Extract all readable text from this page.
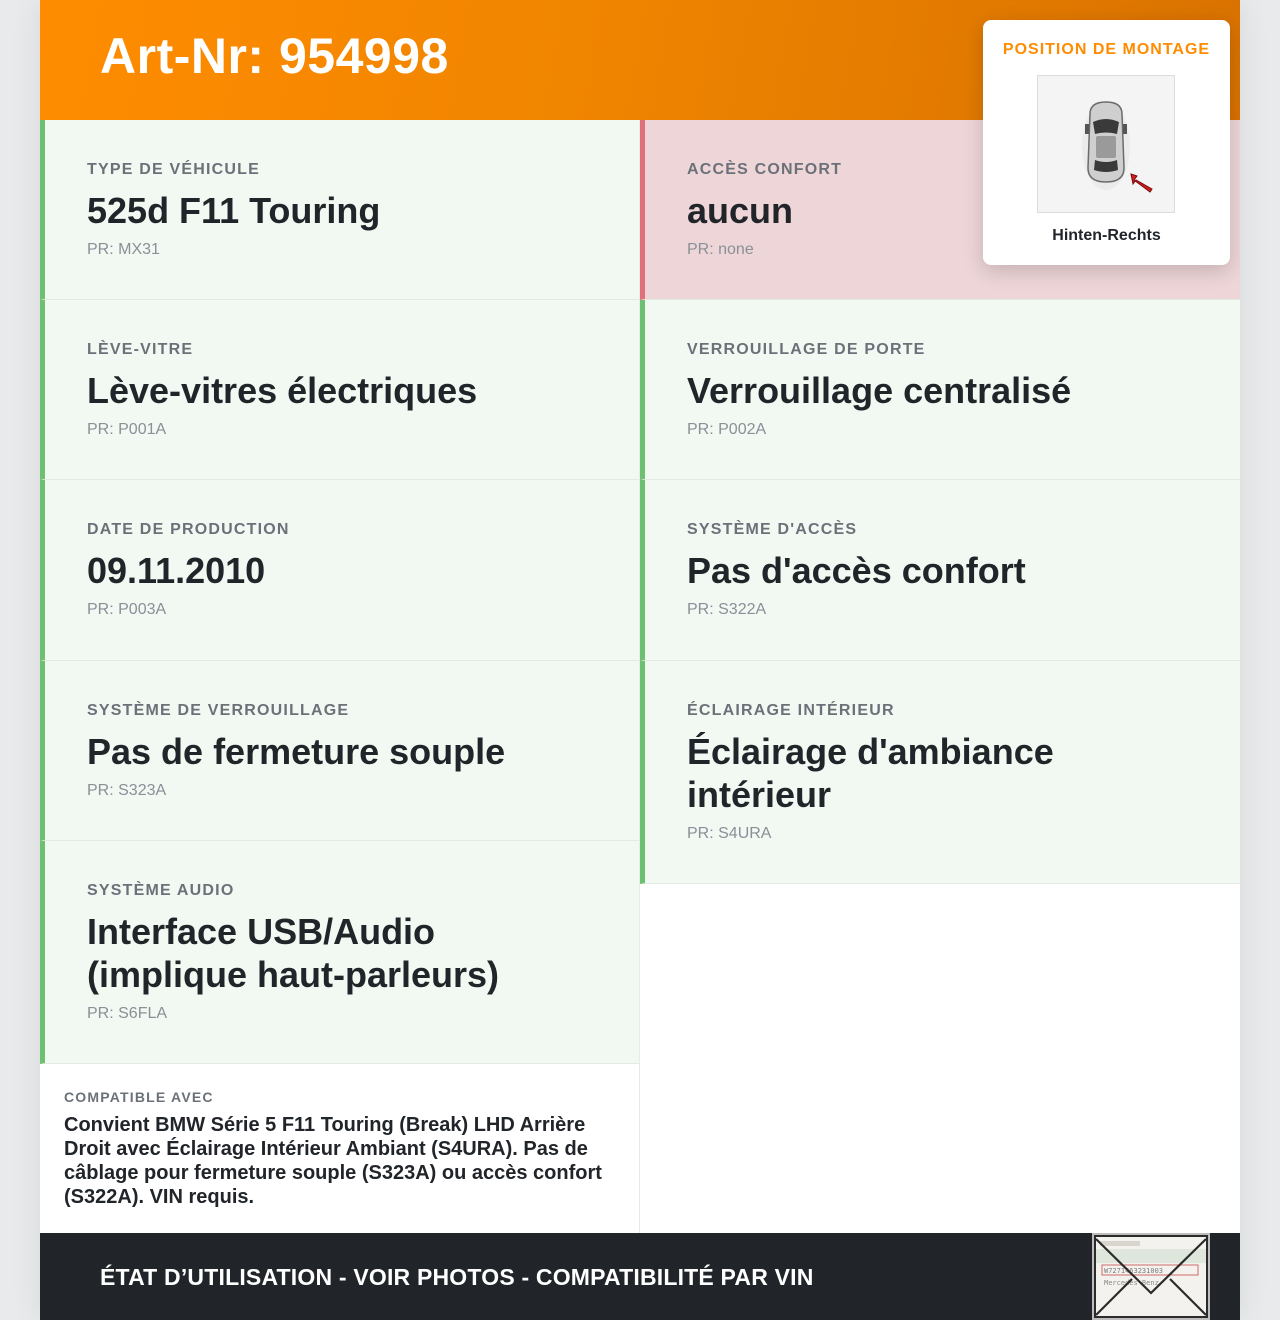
Art-Nr: 954998
TYPE DE VÉHICULE
525d F11 Touring
PR: MX31
ACCÈS CONFORT
aucun
PR: none
LÈVE-VITRE
Lève-vitres électriques
PR: P001A
VERROUILLAGE DE PORTE
Verrouillage centralisé
PR: P002A
DATE DE PRODUCTION
09.11.2010
PR: P003A
SYSTÈME D'ACCÈS
Pas d'accès confort
PR: S322A
SYSTÈME DE VERROUILLAGE
Pas de fermeture souple
PR: S323A
ÉCLAIRAGE INTÉRIEUR
Éclairage d'ambiance intérieur
PR: S4URA
SYSTÈME AUDIO
Interface USB/Audio (implique haut-parleurs)
PR: S6FLA
COMPATIBLE AVEC
Convient BMW Série 5 F11 Touring (Break) LHD Arrière Droit avec Éclairage Intérieur Ambiant (S4URA). Pas de câblage pour fermeture souple (S323A) ou accès confort (S322A). VIN requis.
ÉTAT D’UTILISATION - VOIR PHOTOS - COMPATIBILITÉ PAR VIN	W7271463231003
Mercedes-Benz
POSITION DE MONTAGE
Hinten-Rechts
